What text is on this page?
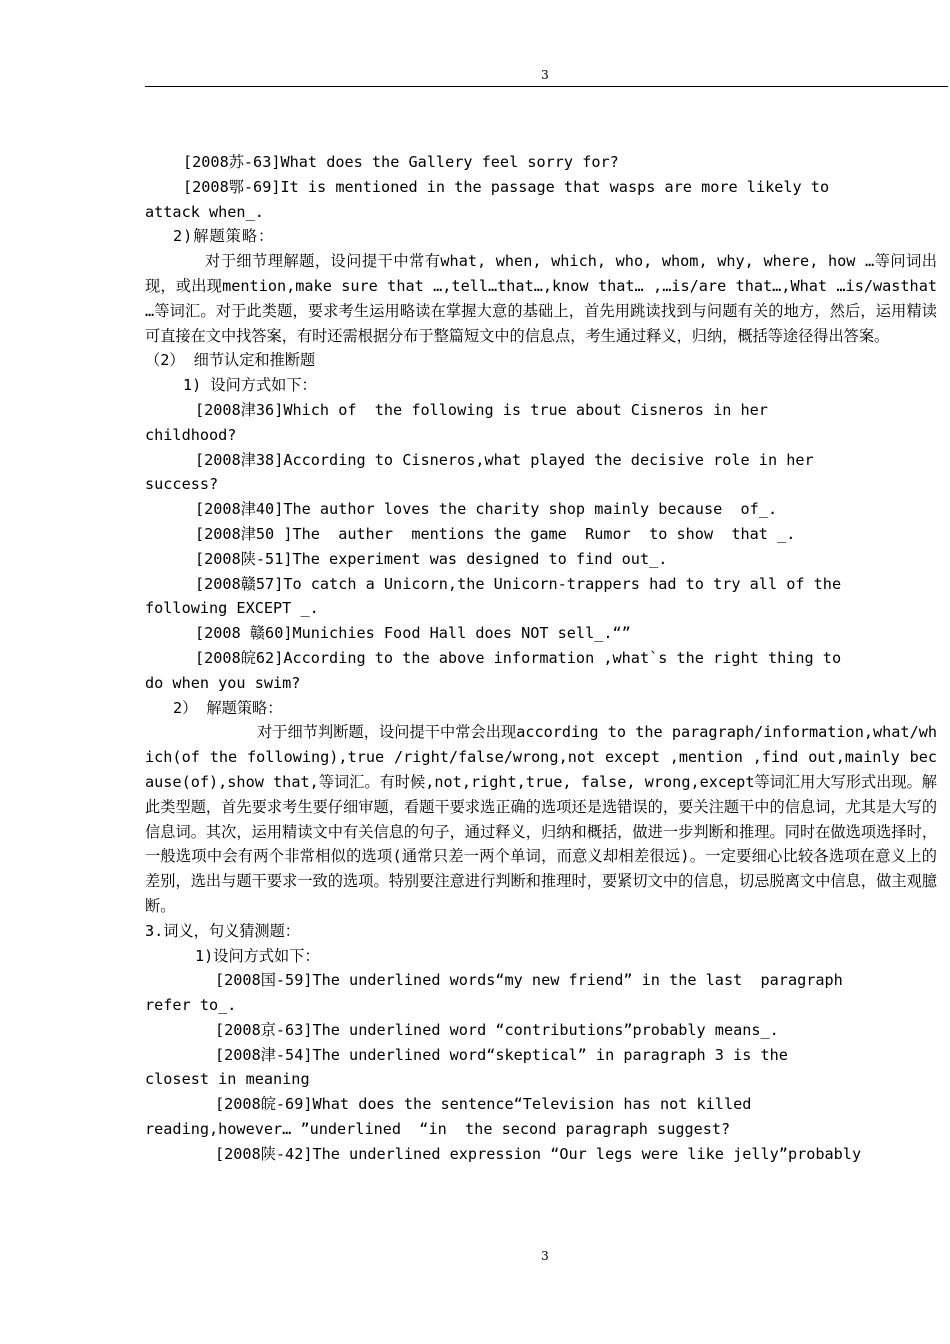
3
[2008苏-63]What does the Gallery feel sorry for?
[2008鄂-69]It is mentioned in the passage that wasps are more likely to
attack when_.
2)解题策略：
对于细节理解题，设问提干中常有what, when, which, who, whom, why, where, how …等问词出现，或出现mention,make sure that …,tell…that…,know that… ,…is/are that…,What …is/wasthat …等词汇。对于此类题，要求考生运用略读在掌握大意的基础上，首先用跳读找到与问题有关的地方，然后，运用精读可直接在文中找答案，有时还需根据分布于整篇短文中的信息点，考生通过释义，归纳，概括等途径得出答案。
（2） 细节认定和推断题
1) 设问方式如下：
[2008津36]Which of  the following is true about Cisneros in her
childhood?
[2008津38]According to Cisneros,what played the decisive role in her
success?
[2008津40]The author loves the charity shop mainly because  of_.
[2008津50 ]The  auther  mentions the game  Rumor  to show  that _.
[2008陕-51]The experiment was designed to find out_.
[2008赣57]To catch a Unicorn,the Unicorn-trappers had to try all of the
following EXCEPT _.
[2008 赣60]Munichies Food Hall does NOT sell_.“”
[2008皖62]According to the above information ,what`s the right thing to
do when you swim?
2） 解题策略：
对于细节判断题，设问提干中常会出现according to the paragraph/information,what/which(of the following),true /right/false/wrong,not except ,mention ,find out,mainly because(of),show that,等词汇。有时候,not,right,true, false, wrong,except等词汇用大写形式出现。解此类型题，首先要求考生要仔细审题，看题干要求选正确的选项还是选错误的，要关注题干中的信息词，尤其是大写的信息词。其次，运用精读文中有关信息的句子，通过释义，归纳和概括，做进一步判断和推理。同时在做选项选择时，一般选项中会有两个非常相似的选项(通常只差一两个单词，而意义却相差很远)。一定要细心比较各选项在意义上的差别，选出与题干要求一致的选项。特别要注意进行判断和推理时，要紧切文中的信息，切忌脱离文中信息，做主观臆断。
3.词义，句义猜测题：
1)设问方式如下：
[2008国-59]The underlined words“my new friend” in the last  paragraph
refer to_.
[2008京-63]The underlined word “contributions”probably means_.
[2008津-54]The underlined word“skeptical” in paragraph 3 is the
closest in meaning
[2008皖-69]What does the sentence“Television has not killed
reading,however… ”underlined  “in  the second paragraph suggest?
[2008陕-42]The underlined expression “Our legs were like jelly”probably
3
